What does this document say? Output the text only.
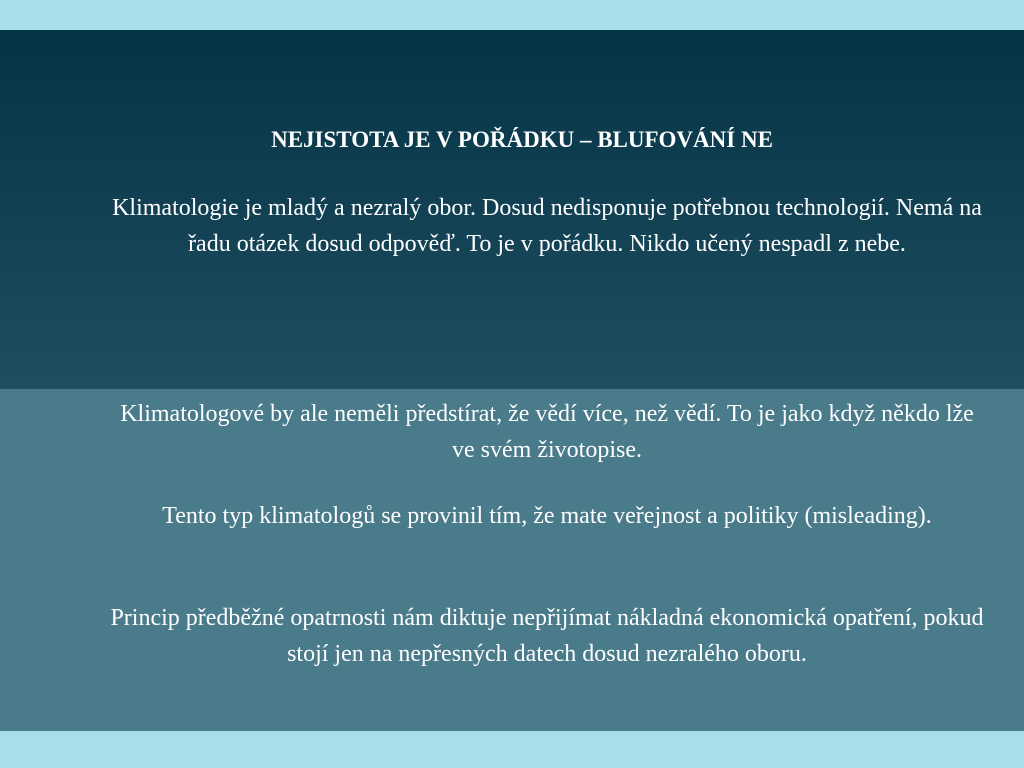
NEJISTOTA JE V POŘÁDKU – BLUFOVÁNÍ NE
Klimatologie je mladý a nezralý obor. Dosud nedisponuje potřebnou technologií. Nemá na řadu otázek dosud odpověď. To je v pořádku. Nikdo učený nespadl z nebe.
Klimatologové by ale neměli předstírat, že vědí více, než vědí. To je jako když někdo lže ve svém životopise.
Tento typ klimatologů se provinil tím, že mate veřejnost a politiky (misleading).
Princip předběžné opatrnosti nám diktuje nepřijímat nákladná ekonomická opatření, pokud stojí jen na nepřesných datech dosud nezralého oboru.
